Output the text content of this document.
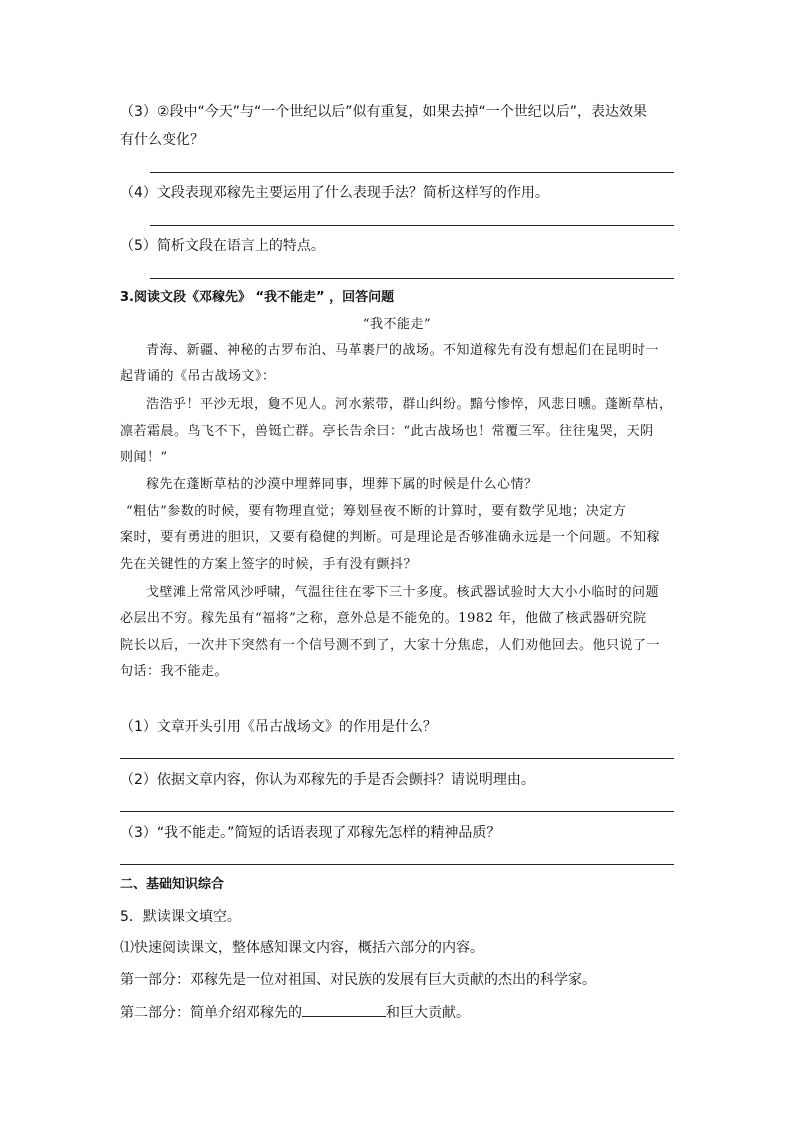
（3）②段中“今天”与“一个世纪以后”似有重复，如果去掉“一个世纪以后”，表达效果
有什么变化？
（4）文段表现邓稼先主要运用了什么表现手法？简析这样写的作用。
（5）简析文段在语言上的特点。
3.阅读文段《邓稼先》 “我不能走” ，回答问题
“我不能走”
青海、新疆、神秘的古罗布泊、马革裹尸的战场。不知道稼先有没有想起们在昆明时一
起背诵的《吊古战场文》：
浩浩乎！平沙无垠，敻不见人。河水萦带，群山纠纷。黯兮惨悴，风悲日曛。蓬断草枯，
凛若霜晨。鸟飞不下，兽铤亡群。亭长告余曰：“此古战场也！常覆三军。往往鬼哭，天阴
则闻！”
稼先在蓬断草枯的沙漠中埋葬同事，埋葬下属的时候是什么心情？
“粗估”参数的时候，要有物理直觉；筹划昼夜不断的计算时，要有数学见地；决定方
案时，要有勇进的胆识，又要有稳健的判断。可是理论是否够准确永远是一个问题。不知稼
先在关键性的方案上签字的时候，手有没有颤抖？
戈壁滩上常常风沙呼啸，气温往往在零下三十多度。核武器试验时大大小小临时的问题
必层出不穷。稼先虽有“福将”之称，意外总是不能免的。1982 年，他做了核武器研究院
院长以后，一次井下突然有一个信号测不到了，大家十分焦虑，人们劝他回去。他只说了一
句话：我不能走。
（1）文章开头引用《吊古战场文》的作用是什么？
（2）依据文章内容，你认为邓稼先的手是否会颤抖？请说明理由。
（3）“我不能走。”简短的话语表现了邓稼先怎样的精神品质？
二、基础知识综合
5．默读课文填空。
⑴快速阅读课文，整体感知课文内容，概括六部分的内容。
第一部分：邓稼先是一位对祖国、对民族的发展有巨大贡献的杰出的科学家。
第二部分：简单介绍邓稼先的	和巨大贡献。
